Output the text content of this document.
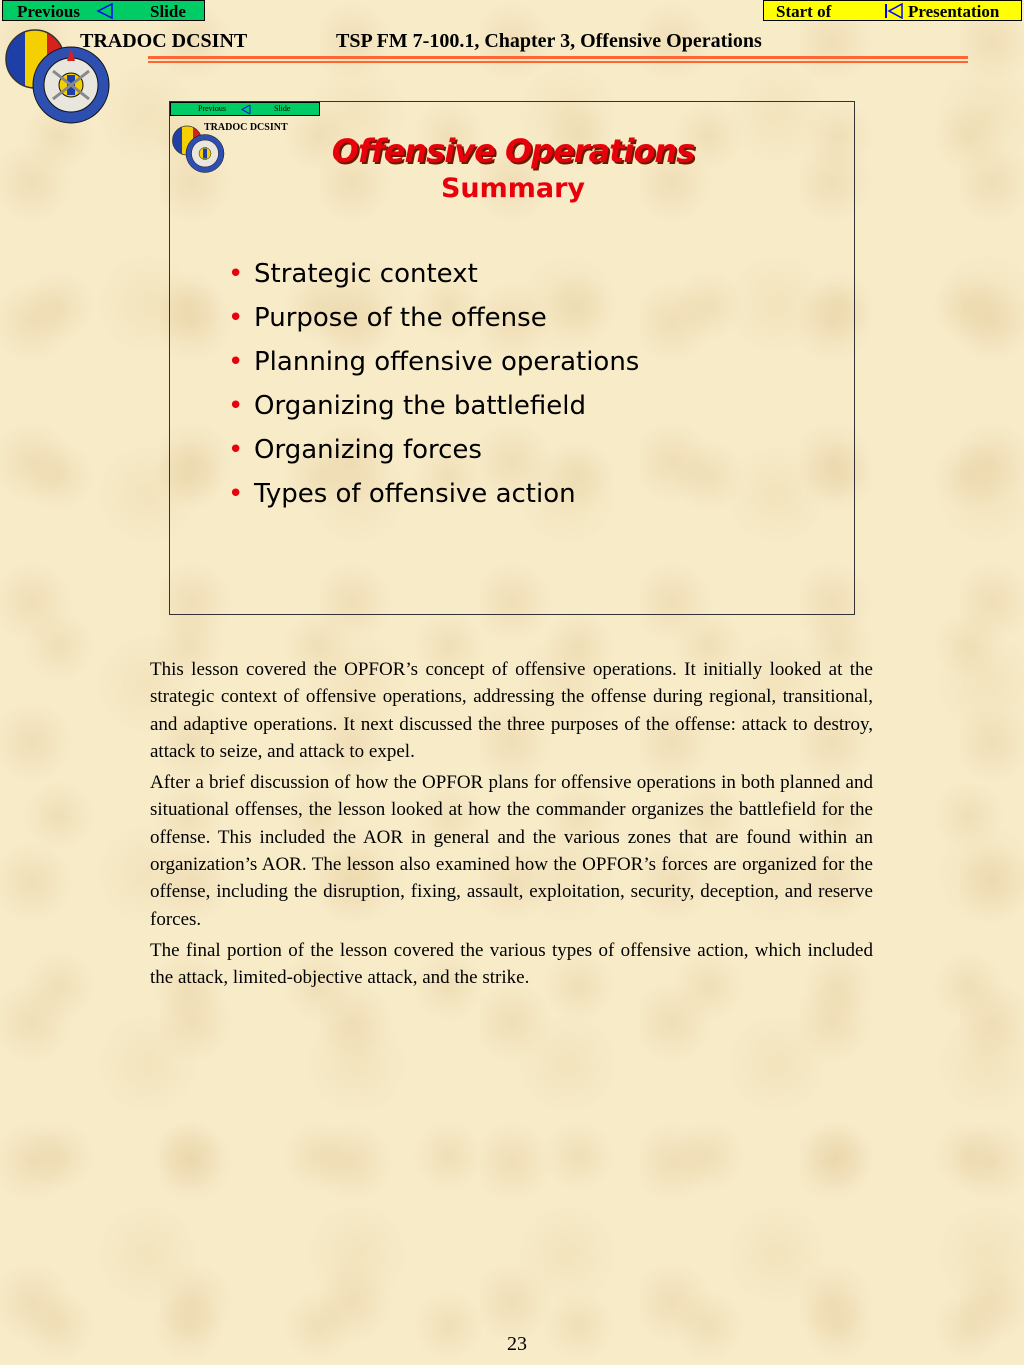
Previous	Slide	Start of	Presentation
TRADOC DCSINT	TSP FM 7-100.1, Chapter 3, Offensive Operations
Previous	Slide
TRADOC DCSINT
Offensive Operations
Summary
• Strategic context
• Purpose of the offense
• Planning offensive operations
• Organizing the battlefield
• Organizing forces
• Types of offensive action

This lesson covered the OPFOR’s concept of offensive operations. It initially looked at the strategic context of offensive operations, addressing the offense during regional, transitional, and adaptive operations. It next discussed the three purposes of the offense: attack to destroy, attack to seize, and attack to expel.

After a brief discussion of how the OPFOR plans for offensive operations in both planned and situational offenses, the lesson looked at how the commander organizes the battlefield for the offense. This included the AOR in general and the various zones that are found within an organization’s AOR. The lesson also examined how the OPFOR’s forces are organized for the offense, including the disruption, fixing, assault, exploitation, security, deception, and reserve forces.

The final portion of the lesson covered the various types of offensive action, which included the attack, limited-objective attack, and the strike.

23
